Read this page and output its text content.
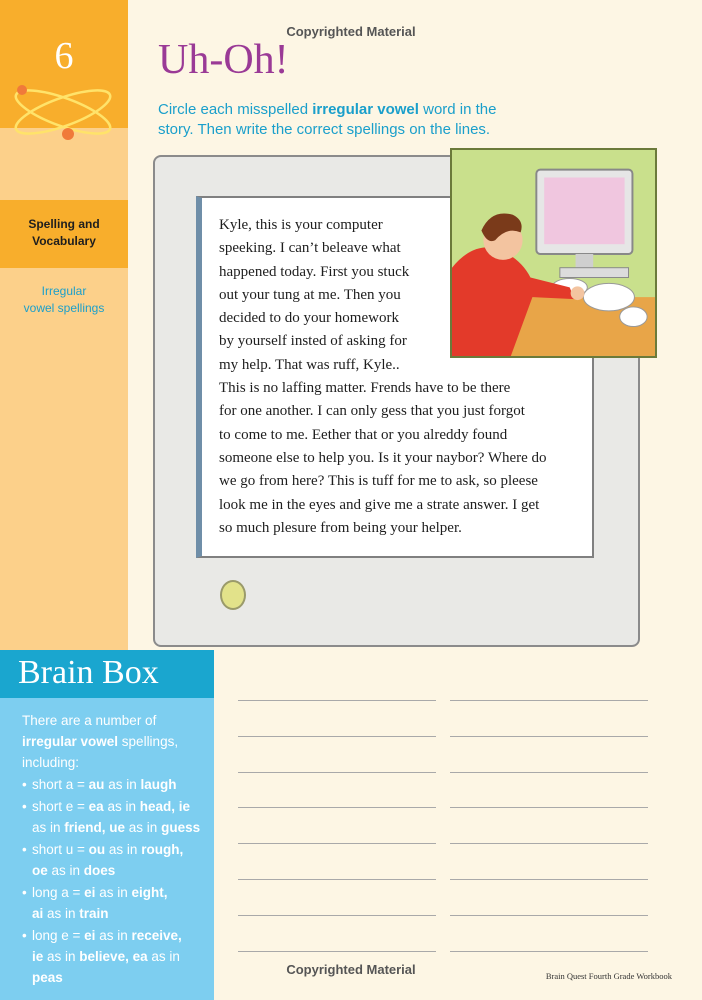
6
Spelling and
Vocabulary
Irregular
vowel spellings
Copyrighted Material
Uh-Oh!
Circle each misspelled irregular vowel word in the
story. Then write the correct spellings on the lines.
Kyle, this is your computer
speeking. I can’t beleave what
happened today. First you stuck
out your tung at me. Then you
decided to do your homework
by yourself insted of asking for
my help. That was ruff, Kyle..
This is no laffing matter. Frends have to be there
for one another. I can only gess that you just forgot
to come to me. Eether that or you alreddy found
someone else to help you. Is it your naybor? Where do
we go from here? This is tuff for me to ask, so pleese
look me in the eyes and give me a strate answer. I get
so much plesure from being your helper.
Brain Box
There are a number of
irregular vowel spellings,
including:
• short a = au as in laugh
• short e = ea as in head, ie
as in friend, ue as in guess
• short u = ou as in rough,
oe as in does
• long a = ei as in eight,
ai as in train
• long e = ei as in receive,
ie as in believe, ea as in
peas
Copyrighted Material	Brain Quest Fourth Grade Workbook
